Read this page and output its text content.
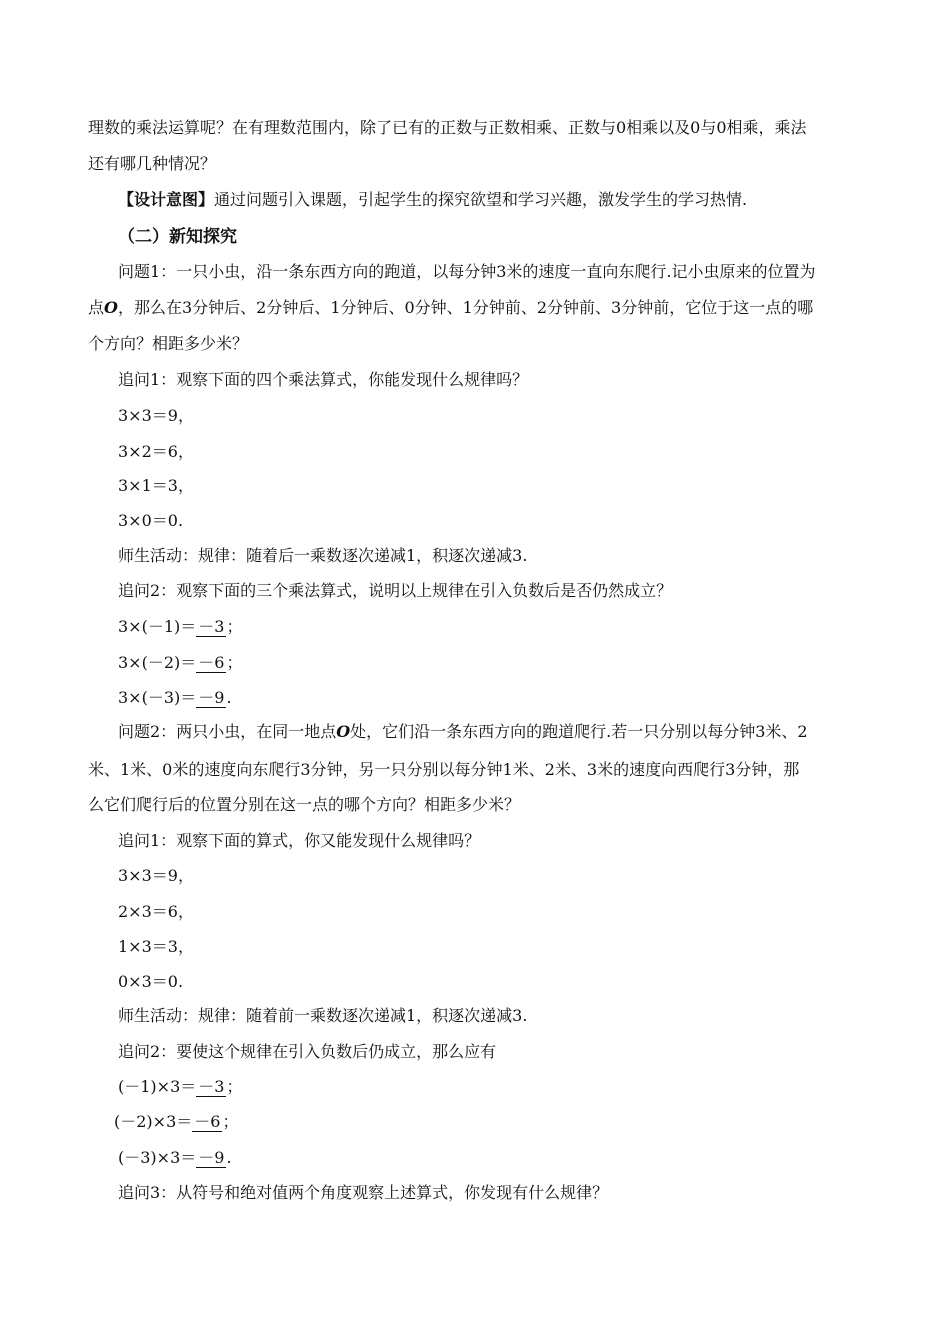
理数的乘法运算呢？在有理数范围内，除了已有的正数与正数相乘、正数与0相乘以及0与0相乘，乘法
还有哪几种情况？
【设计意图】通过问题引入课题，引起学生的探究欲望和学习兴趣，激发学生的学习热情.
（二）新知探究
问题1：一只小虫，沿一条东西方向的跑道，以每分钟3米的速度一直向东爬行.记小虫原来的位置为
点O，那么在3分钟后、2分钟后、1分钟后、0分钟、1分钟前、2分钟前、3分钟前，它位于这一点的哪
个方向？相距多少米？
追问1：观察下面的四个乘法算式，你能发现什么规律吗？
3×3＝9，
3×2＝6，
3×1＝3，
3×0＝0.
师生活动：规律：随着后一乘数逐次递减1，积逐次递减3.
追问2：观察下面的三个乘法算式，说明以上规律在引入负数后是否仍然成立？
3×(－1)＝ －3 ；
3×(－2)＝ －6 ；
3×(－3)＝ －9 .
问题2：两只小虫，在同一地点O处，它们沿一条东西方向的跑道爬行.若一只分别以每分钟3米、2
米、1米、0米的速度向东爬行3分钟，另一只分别以每分钟1米、2米、3米的速度向西爬行3分钟，那
么它们爬行后的位置分别在这一点的哪个方向？相距多少米？
追问1：观察下面的算式，你又能发现什么规律吗？
3×3＝9，
2×3＝6，
1×3＝3，
0×3＝0.
师生活动：规律：随着前一乘数逐次递减1，积逐次递减3.
追问2：要使这个规律在引入负数后仍成立，那么应有
(－1)×3＝ －3 ；
(－2)×3＝ －6 ；
(－3)×3＝ －9 .
追问3：从符号和绝对值两个角度观察上述算式，你发现有什么规律？
